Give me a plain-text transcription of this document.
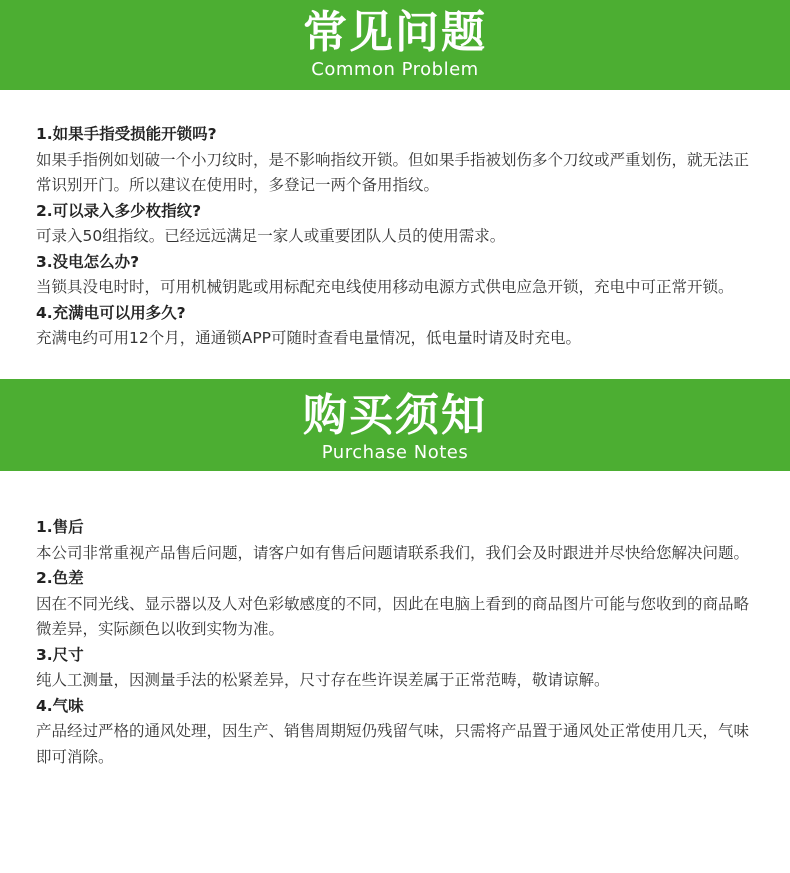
常见问题
Common Problem
1.如果手指受损能开锁吗?
如果手指例如划破一个小刀纹时，是不影响指纹开锁。但如果手指被划伤多个刀纹或严重划伤，就无法正常识别开门。所以建议在使用时，多登记一两个备用指纹。
2.可以录入多少枚指纹?
可录入50组指纹。已经远远满足一家人或重要团队人员的使用需求。
3.没电怎么办?
当锁具没电时时，可用机械钥匙或用标配充电线使用移动电源方式供电应急开锁，充电中可正常开锁。
4.充满电可以用多久?
充满电约可用12个月，通通锁APP可随时查看电量情况，低电量时请及时充电。
购买须知
Purchase Notes
1.售后
本公司非常重视产品售后问题，请客户如有售后问题请联系我们，我们会及时跟进并尽快给您解决问题。
2.色差
因在不同光线、显示器以及人对色彩敏感度的不同，因此在电脑上看到的商品图片可能与您收到的商品略微差异，实际颜色以收到实物为准。
3.尺寸
纯人工测量，因测量手法的松紧差异，尺寸存在些许误差属于正常范畴，敬请谅解。
4.气味
产品经过严格的通风处理，因生产、销售周期短仍残留气味，只需将产品置于通风处正常使用几天，气味即可消除。
